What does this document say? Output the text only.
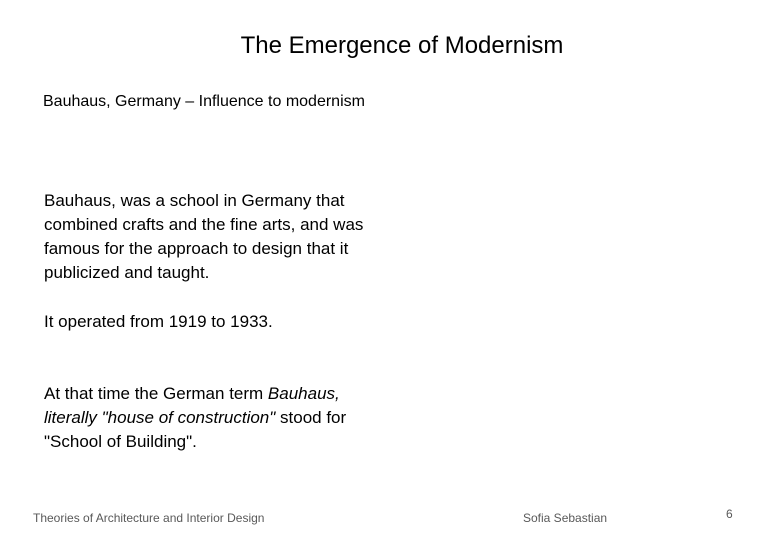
The Emergence of Modernism
Bauhaus, Germany – Influence to modernism
Bauhaus, was a school in Germany that
combined crafts and the fine arts, and was
famous for the approach to design that it
publicized and taught.
It operated from 1919 to 1933.
At that time the German term Bauhaus,
literally "house of construction" stood for
"School of Building".
Theories of Architecture and Interior Design	Sofia Sebastian	6
